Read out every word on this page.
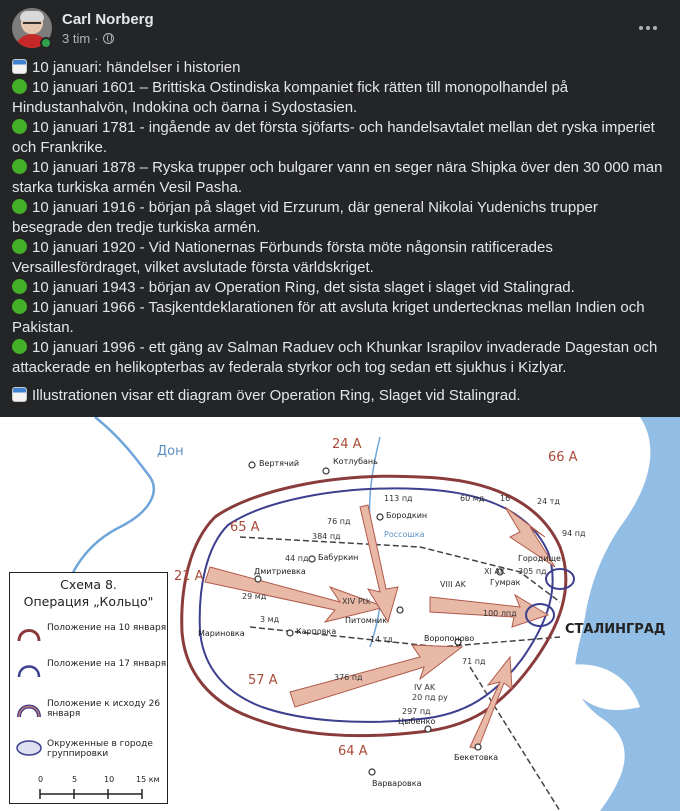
Carl Norberg
3 tim ·

10 januari: händelser i historien

10 januari 1601 – Brittiska Ostindiska kompaniet fick rätten till monopolhandel på Hindustanhalvön, Indokina och öarna i Sydostasien.

10 januari 1781 - ingående av det första sjöfarts- och handelsavtalet mellan det ryska imperiet och Frankrike.

10 januari 1878 – Ryska trupper och bulgarer vann en seger nära Shipka över den 30 000 man starka turkiska armén Vesil Pasha.

10 januari 1916 - början på slaget vid Erzurum, där general Nikolai Yudenichs trupper besegrade den tredje turkiska armén.

10 januari 1920 - Vid Nationernas Förbunds första möte någonsin ratificerades Versaillesfördraget, vilket avslutade första världskriget.

10 januari 1943 - början av Operation Ring, det sista slaget i slaget vid Stalingrad.

10 januari 1966 - Tasjkentdeklarationen för att avsluta kriget undertecknas mellan Indien och Pakistan.

10 januari 1996 - ett gäng av Salman Raduev och Khunkar Israpilov invaderade Dagestan och attackerade en helikopterbas av federala styrkor och tog sedan ett sjukhus i Kizlyar.

Illustrationen visar ett diagram över Operation Ring, Slaget vid Stalingrad.

24 А
66 А
65 А
21 А
57 А
64 А
Дон
Россошка
СТАЛИНГРАД
Вертячий	Котлубань
Бородкин
Бабуркин
Дмитриевка
Мариновка	Карповка
Питомник
Гумрак
Городище
Воропоново
Цыбенко
Бекетовка
Варваровка
113 пд	60 мд 16	24 тд
76 пд
384 пд
44 пд
29 мд
XIV Ptk
VIII AK
XI AK
94 пд
305 пд
100 лпд
3 мд
376 пд
IV AK
20 пд ру
297 пд
14 тд
71 пд
Схема 8.
Операция „Кольцо"
Положение на 10 января
Положение на 17 января
Положение к исходу 26 января
Окруженные в городе группировки
0	5	10	15 км
